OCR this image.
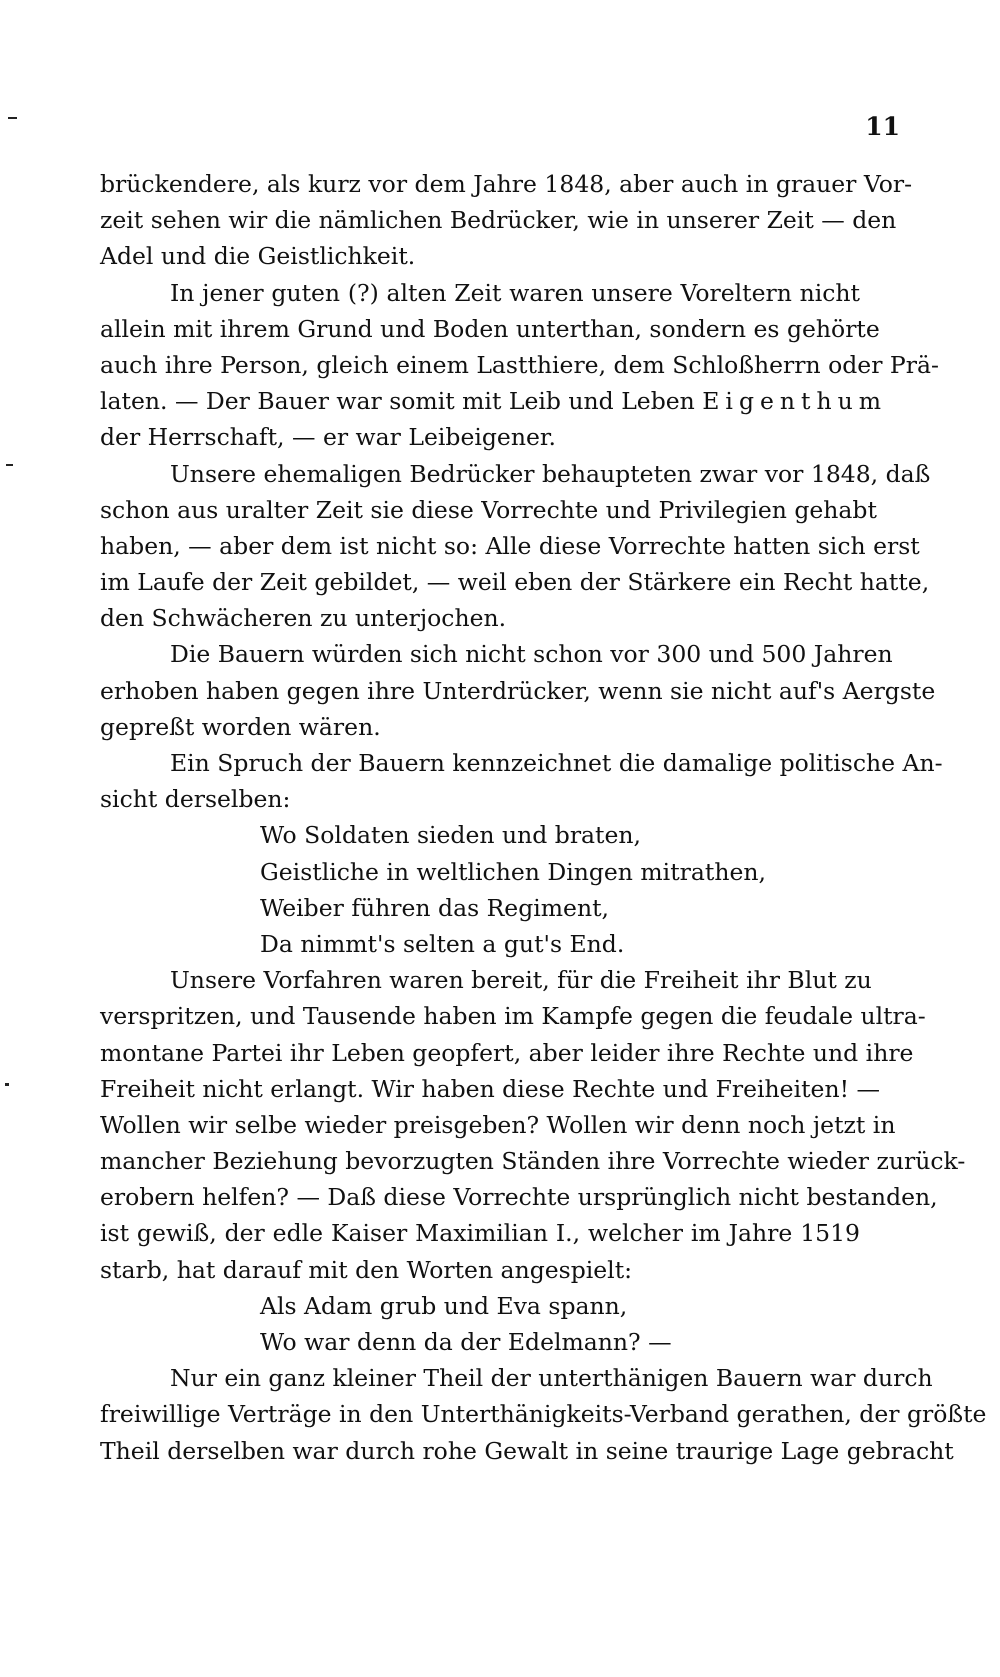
11
brückendere, als kurz vor dem Jahre 1848, aber auch in grauer Vor-
zeit sehen wir die nämlichen Bedrücker, wie in unserer Zeit — den
Adel und die Geistlichkeit.
In jener guten (?) alten Zeit waren unsere Voreltern nicht
allein mit ihrem Grund und Boden unterthan, sondern es gehörte
auch ihre Person, gleich einem Lastthiere, dem Schloßherrn oder Prä-
laten. — Der Bauer war somit mit Leib und Leben Eigenthum
der Herrschaft, — er war Leibeigener.
Unsere ehemaligen Bedrücker behaupteten zwar vor 1848, daß
schon aus uralter Zeit sie diese Vorrechte und Privilegien gehabt
haben, — aber dem ist nicht so: Alle diese Vorrechte hatten sich erst
im Laufe der Zeit gebildet, — weil eben der Stärkere ein Recht hatte,
den Schwächeren zu unterjochen.
Die Bauern würden sich nicht schon vor 300 und 500 Jahren
erhoben haben gegen ihre Unterdrücker, wenn sie nicht auf's Aergste
gepreßt worden wären.
Ein Spruch der Bauern kennzeichnet die damalige politische An-
sicht derselben:
Wo Soldaten sieden und braten,
Geistliche in weltlichen Dingen mitrathen,
Weiber führen das Regiment,
Da nimmt's selten a gut's End.
Unsere Vorfahren waren bereit, für die Freiheit ihr Blut zu
verspritzen, und Tausende haben im Kampfe gegen die feudale ultra-
montane Partei ihr Leben geopfert, aber leider ihre Rechte und ihre
Freiheit nicht erlangt. Wir haben diese Rechte und Freiheiten! —
Wollen wir selbe wieder preisgeben? Wollen wir denn noch jetzt in
mancher Beziehung bevorzugten Ständen ihre Vorrechte wieder zurück-
erobern helfen? — Daß diese Vorrechte ursprünglich nicht bestanden,
ist gewiß, der edle Kaiser Maximilian I., welcher im Jahre 1519
starb, hat darauf mit den Worten angespielt:
Als Adam grub und Eva spann,
Wo war denn da der Edelmann? —
Nur ein ganz kleiner Theil der unterthänigen Bauern war durch
freiwillige Verträge in den Unterthänigkeits-Verband gerathen, der größte
Theil derselben war durch rohe Gewalt in seine traurige Lage gebracht
